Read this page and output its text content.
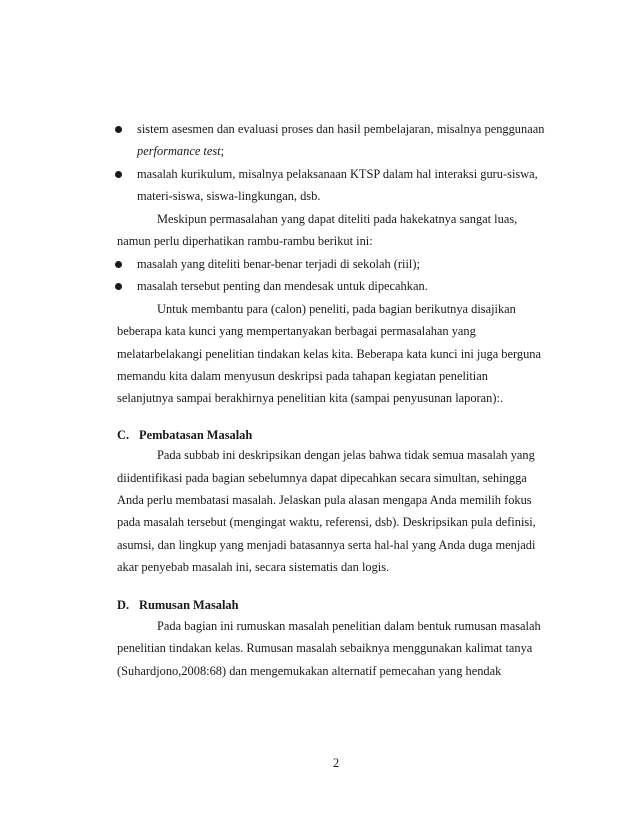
sistem asesmen dan evaluasi proses dan hasil pembelajaran, misalnya penggunaan
performance test;
masalah kurikulum, misalnya pelaksanaan KTSP dalam hal interaksi guru-siswa,
materi-siswa, siswa-lingkungan, dsb.
Meskipun permasalahan yang dapat diteliti pada hakekatnya sangat luas,
namun perlu diperhatikan rambu-rambu berikut ini:
masalah yang diteliti benar-benar terjadi di sekolah (riil);
masalah tersebut penting dan mendesak untuk dipecahkan.
Untuk membantu para (calon) peneliti, pada bagian berikutnya disajikan
beberapa kata kunci yang mempertanyakan berbagai permasalahan yang
melatarbelakangi penelitian tindakan kelas kita. Beberapa kata kunci ini juga berguna
memandu kita dalam menyusun deskripsi pada tahapan kegiatan penelitian
selanjutnya sampai berakhirnya penelitian kita (sampai penyusunan laporan):.
C. Pembatasan Masalah
Pada subbab ini deskripsikan dengan jelas bahwa tidak semua masalah yang
diidentifikasi pada bagian sebelumnya dapat dipecahkan secara simultan, sehingga
Anda perlu membatasi masalah. Jelaskan pula alasan mengapa Anda memilih fokus
pada masalah tersebut (mengingat waktu, referensi, dsb). Deskripsikan pula definisi,
asumsi, dan lingkup yang menjadi batasannya serta hal-hal yang Anda duga menjadi
akar penyebab masalah ini, secara sistematis dan logis.
D. Rumusan Masalah
Pada bagian ini rumuskan masalah penelitian dalam bentuk rumusan masalah
penelitian tindakan kelas. Rumusan masalah sebaiknya menggunakan kalimat tanya
(Suhardjono,2008:68) dan mengemukakan alternatif pemecahan yang hendak
2
